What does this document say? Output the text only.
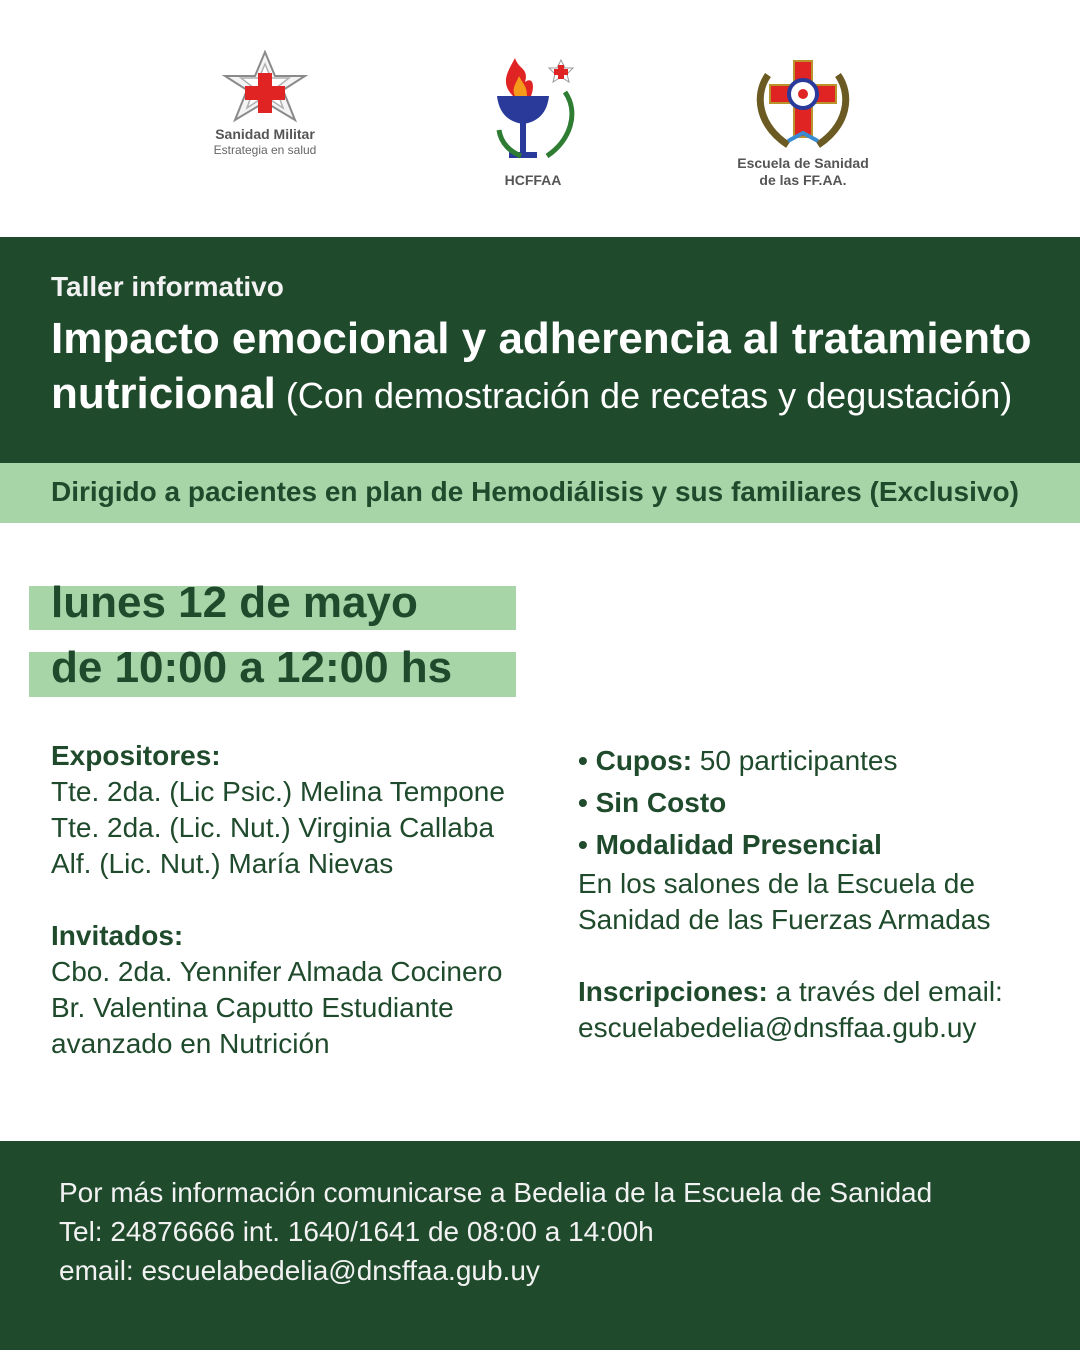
Sanidad Militar
Estrategia en salud
HCFFAA
Escuela de Sanidad
de las FF.AA.
Taller informativo
Impacto emocional y adherencia al tratamiento
nutricional (Con demostración de recetas y degustación)
Dirigido a pacientes en plan de Hemodiálisis y sus familiares (Exclusivo)
lunes 12 de mayo
de 10:00 a 12:00 hs
Expositores:
Tte. 2da. (Lic Psic.) Melina Tempone
Tte. 2da. (Lic. Nut.) Virginia Callaba
Alf. (Lic. Nut.) María Nievas
Invitados:
Cbo. 2da. Yennifer Almada Cocinero
Br. Valentina Caputto Estudiante
avanzado en Nutrición
• Cupos: 50 participantes
• Sin Costo
• Modalidad Presencial
En los salones de la Escuela de
Sanidad de las Fuerzas Armadas
Inscripciones: a través del email:
escuelabedelia@dnsffaa.gub.uy
Por más información comunicarse a Bedelia de la Escuela de Sanidad
Tel: 24876666 int. 1640/1641 de 08:00 a 14:00h
email: escuelabedelia@dnsffaa.gub.uy
